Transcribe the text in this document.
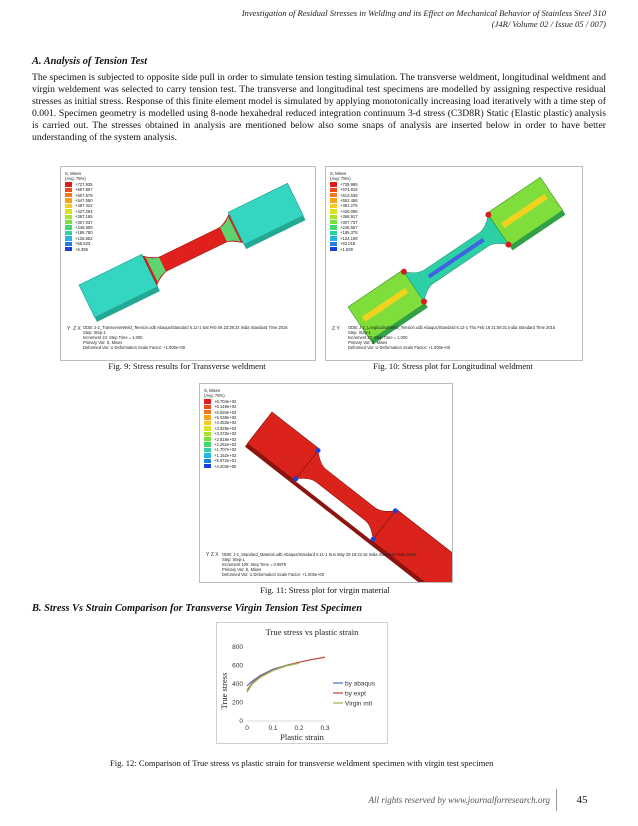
Investigation of Residual Stresses in Welding and its Effect on Mechanical Behavior of Stainless Steel 310
(J4R/ Volume 02 / Issue 05 / 007)
A. Analysis of Tension Test
The specimen is subjected to opposite side pull in order to simulate tension testing simulation. The transverse weldment, longitudinal weldment and virgin weldement was selected to carry tension test. The transverse and longitudinal test specimens are modelled by assigning respective residual stresses as initial stress. Response of this finite element model is simulated by applying monotonically increasing load iteratively with a time step of 0.001. Specimen geometry is modelled using 8-node hexahedral reduced integration continuum 3-d stress (C3D8R) Static (Elastic plastic) analysis is carried out. The stresses obtained in analysis are mentioned below also some snaps of analysis are inserted below in order to have better understanding of the system analysis.
S, Mises
(Avg: 75%)
+727.935
+667.807
+607.679
+547.550
+487.422
+427.294
+367.165
+307.037
+246.909
+186.780
+126.652
+66.523
+6.395
Y  Z X ODB: J-2_TransverseWeld_Tension.odb Abaqus/Standard 6.12-1 Sat Feb 06 23:39:24 India Standard Time 2016
Step: Step-1
Increment 24: Step Time = 1.000
Primary Var: S, Mises
Deformed Var: U Deformation Scale Factor: +1.000e+00
Fig. 9: Stress results for Transverse weldment
S, Mises
(Avg: 75%)
+735.995
+674.815
+613.636
+552.456
+491.276
+430.096
+368.917
+307.737
+246.557
+185.378
+124.198
+63.018
+1.839
Z Y ODB: J-2_LongitudinalWeld_Tension.odb Abaqus/Standard 6.12-1 Thu Feb 18 21:56:01 India Standard Time 2016
Step: Step-1
Increment 30: Step Time = 1.000
Primary Var: S, Mises
Deformed Var: U Deformation Scale Factor: +1.000e+00
Fig. 10: Stress plot for Longitudinal weldment
S, Mises
(Avg: 75%)
+6.704e+02
+6.149e+02
+5.593e+02
+5.038e+02
+4.483e+02
+3.928e+02
+3.373e+02
+2.818e+02
+2.262e+02
+1.707e+02
+1.152e+02
+5.972e+01
+4.203e+00
Y Z X ODB: J-2_Standard_Material.odb Abaqus/Standard 6.11-1 Sun May 29 19:22:16 India Standard Time 2016
Step: Step-1
Increment 100: Step Time = 0.9975
Primary Var: S, Mises
Deformed Var: U Deformation Scale Factor: +1.000e+00
Fig. 11: Stress plot for virgin material
B. Stress Vs Strain Comparison for Transverse Virgin Tension Test Specimen
True stress vs plastic strain
True stress
Plastic strain
0
200
400
600
800
0	0.1	0.2	0.3
by abaqus
by expt
Virgin mtl
Fig. 12: Comparison of True stress vs plastic strain for transverse weldment specimen with virgin test specimen
All rights reserved by www.journalforresearch.org	45
